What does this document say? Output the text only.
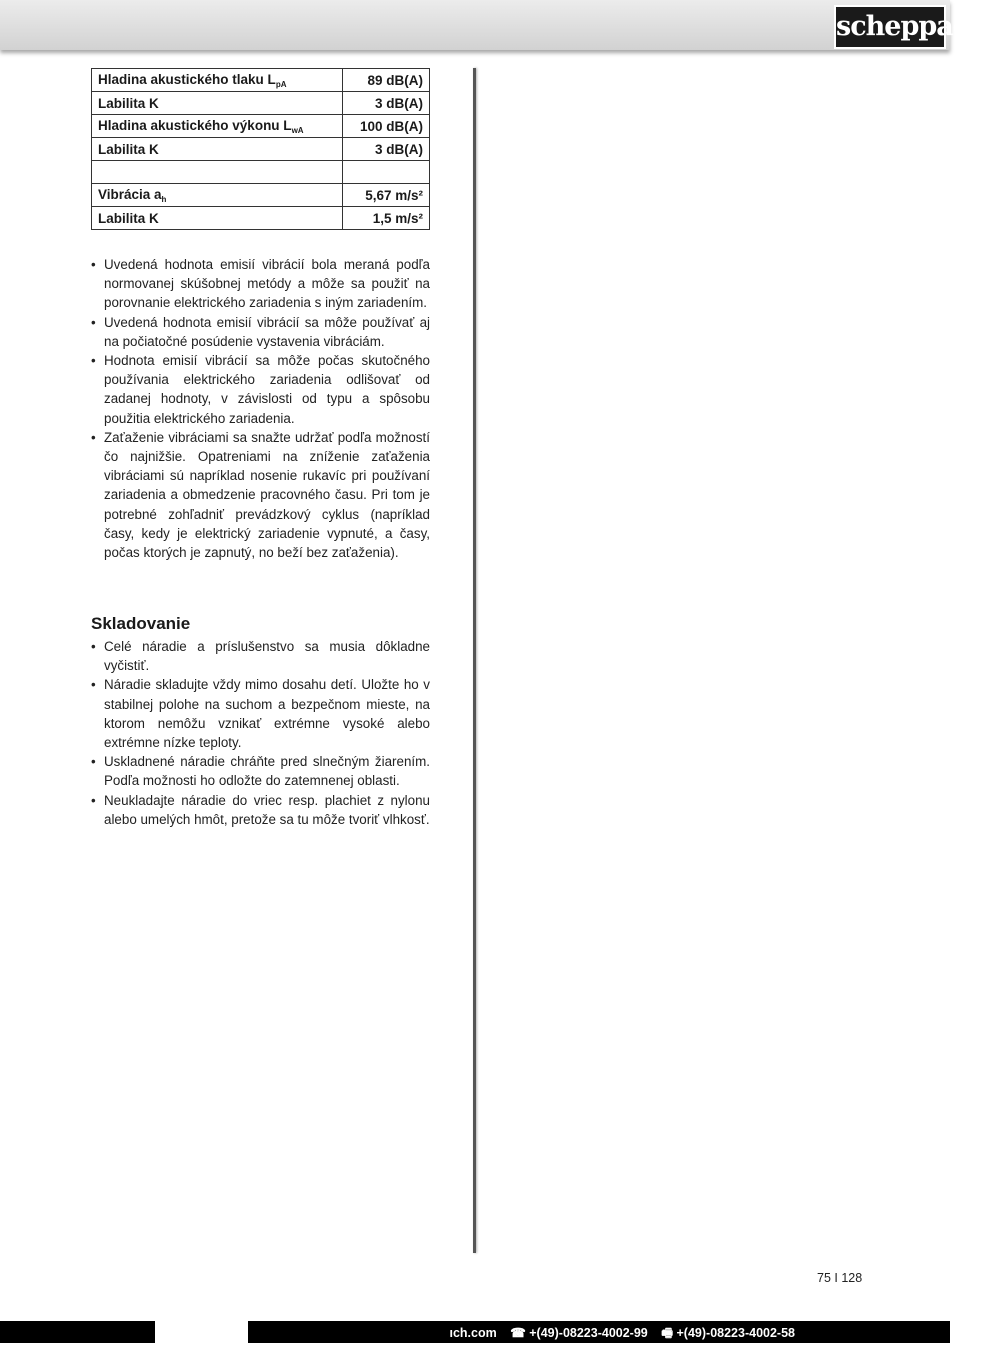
scheppach
Hladina akustického tlaku $L_{pA}$	89 dB(A)
Labilita K	3 dB(A)
Hladina akustického výkonu $L_{wA}$	100 dB(A)
Labilita K	3 dB(A)

Vibrácia $a_h$	5,67 m/s²
Labilita K	1,5 m/s²
• Uvedená hodnota emisií vibrácií bola meraná podľa normovanej skúšobnej metódy a môže sa použiť na porovnanie elektrického zariadenia s iným zariadením.
• Uvedená hodnota emisií vibrácií sa môže používať aj na počiatočné posúdenie vystavenia vibráciám.
• Hodnota emisií vibrácií sa môže počas skutočného používania elektrického zariadenia odlišovať od zadanej hodnoty, v závislosti od typu a spôsobu použitia elektrického zariadenia.
• Zaťaženie vibráciami sa snažte udržať podľa možností čo najnižšie. Opatreniami na zníženie zaťaženia vibráciami sú napríklad nosenie rukavíc pri používaní zariadenia a obmedzenie pracovného času. Pri tom je potrebné zohľadniť prevádzkový cyklus (napríklad časy, kedy je elektrický zariadenie vypnuté, a časy, počas ktorých je zapnutý, no beží bez zaťaženia).
Skladovanie
• Celé náradie a príslušenstvo sa musia dôkladne vyčistiť.
• Náradie skladujte vždy mimo dosahu detí. Uložte ho v stabilnej polohe na suchom a bezpečnom mieste, na ktorom nemôžu vznikať extrémne vysoké alebo extrémne nízke teploty.
• Uskladnené náradie chráňte pred slnečným žiarením. Podľa možnosti ho odložte do zatemnenej oblasti.
• Neukladajte náradie do vriec resp. plachiet z nylonu alebo umelých hmôt, pretože sa tu môže tvoriť vlhkosť.
75 I 128
ıch.com ☎ +(49)-08223-4002-99 🖷 +(49)-08223-4002-58
